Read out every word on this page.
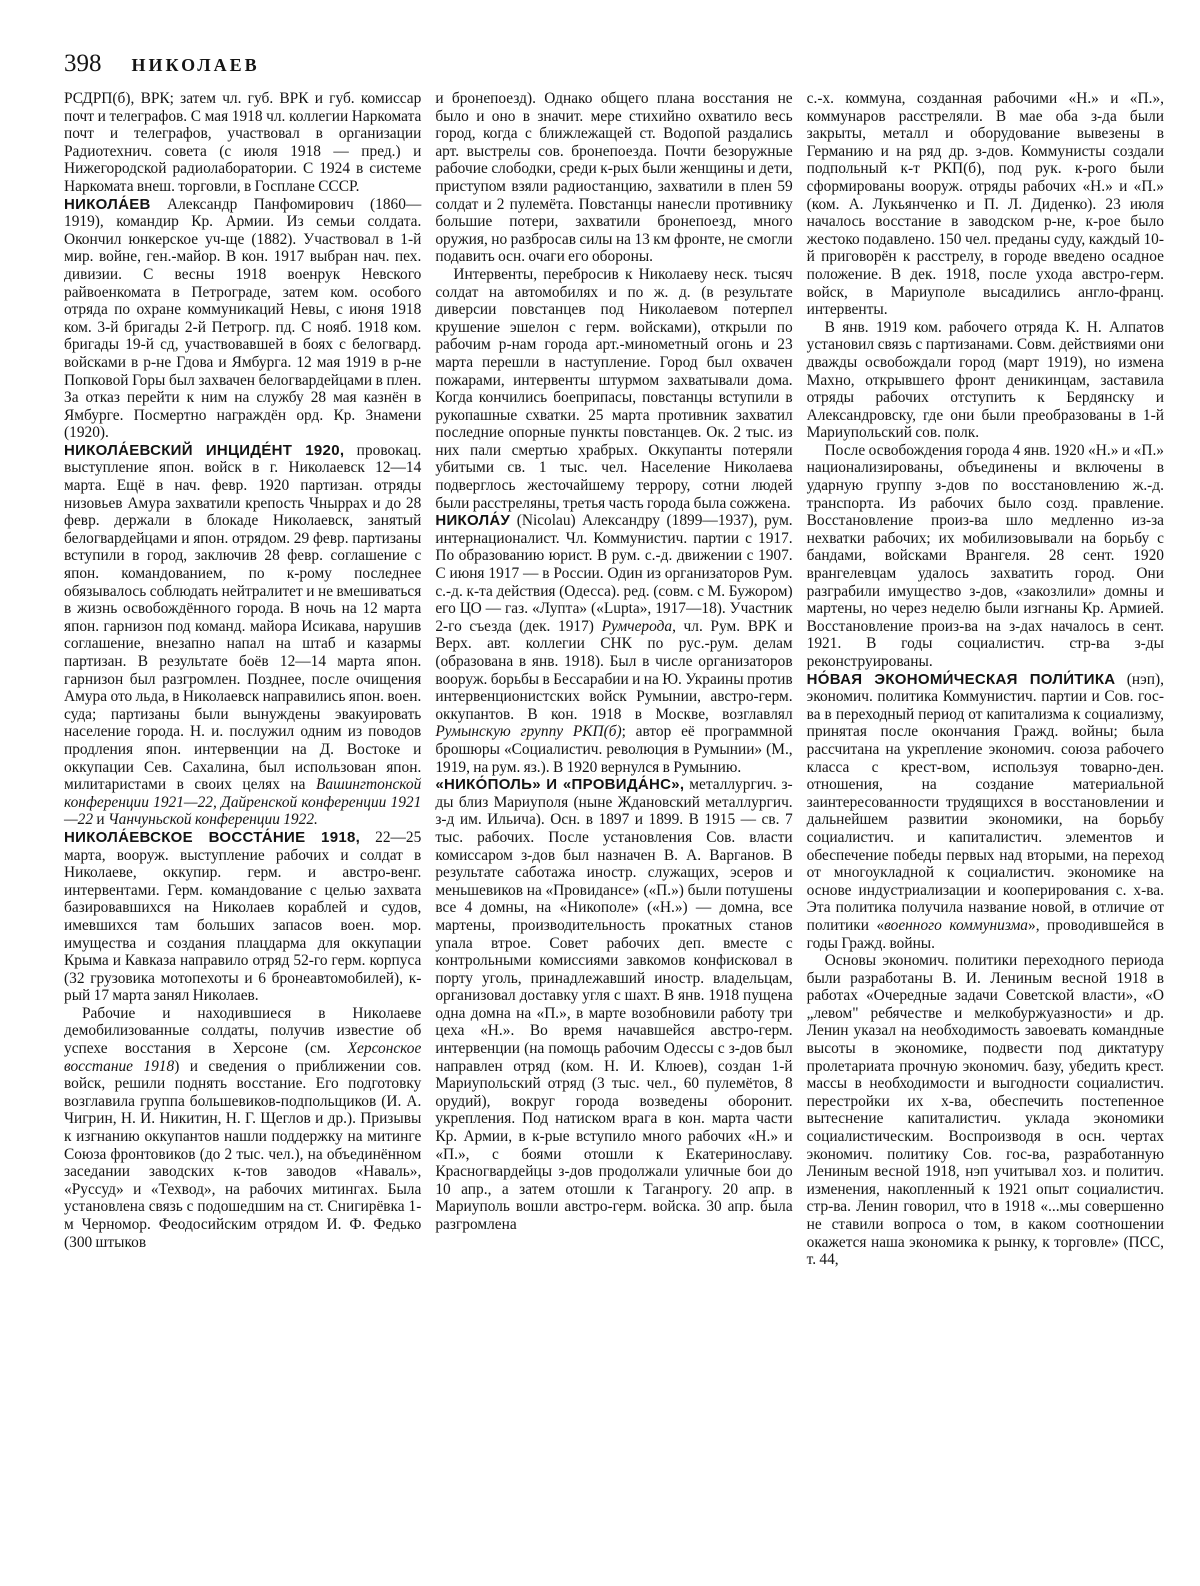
398 НИКОЛАЕВ

РСДРП(б), ВРК; затем чл. губ. ВРК и губ. комиссар почт и телеграфов. С мая 1918 чл. коллегии Наркомата почт и телеграфов, участвовал в организации Радиотехнич. совета (с июля 1918 — пред.) и Нижегородской радиолаборатории. С 1924 в системе Наркомата внеш. торговли, в Госплане СССР.

НИКОЛА́ЕВ Александр Панфомирович (1860—1919), командир Кр. Армии. Из семьи солдата. Окончил юнкерское уч-ще (1882). Участвовал в 1-й мир. войне, ген.-майор. В кон. 1917 выбран нач. пех. дивизии. С весны 1918 военрук Невского райвоенкомата в Петрограде, затем ком. особого отряда по охране коммуникаций Невы, с июня 1918 ком. 3-й бригады 2-й Петрогр. пд. С нояб. 1918 ком. бригады 19-й сд, участвовавшей в боях с белогвард. войсками в р-не Гдова и Ямбурга. 12 мая 1919 в р-не Попковой Горы был захвачен белогвардейцами в плен. За отказ перейти к ним на службу 28 мая казнён в Ямбурге. Посмертно награждён орд. Кр. Знамени (1920).

НИКОЛА́ЕВСКИЙ ИНЦИДЕ́НТ 1920, провокац. выступление япон. войск в г. Николаевск 12—14 марта. Ещё в нач. февр. 1920 партизан. отряды низовьев Амура захватили крепость Чныррах и до 28 февр. держали в блокаде Николаевск, занятый белогвардейцами и япон. отрядом. 29 февр. партизаны вступили в город, заключив 28 февр. соглашение с япон. командованием, по к-рому последнее обязывалось соблюдать нейтралитет и не вмешиваться в жизнь освобождённого города. В ночь на 12 марта япон. гарнизон под команд. майора Исикава, нарушив соглашение, внезапно напал на штаб и казармы партизан. В результате боёв 12—14 марта япон. гарнизон был разгромлен. Позднее, после очищения Амура ото льда, в Николаевск направились япон. воен. суда; партизаны были вынуждены эвакуировать население города. Н. и. послужил одним из поводов продления япон. интервенции на Д. Востоке и оккупации Сев. Сахалина, был использован япон. милитаристами в своих целях на Вашингтонской конференции 1921—22, Дайренской конференции 1921—22 и Чанчуньской конференции 1922.

НИКОЛА́ЕВСКОЕ ВОССТА́НИЕ 1918, 22—25 марта, вооруж. выступление рабочих и солдат в Николаеве, оккупир. герм. и австро-венг. интервентами. Герм. командование с целью захвата базировавшихся на Николаев кораблей и судов, имевшихся там больших запасов воен. мор. имущества и создания плацдарма для оккупации Крыма и Кавказа направило отряд 52-го герм. корпуса (32 грузовика мотопехоты и 6 бронеавтомобилей), к-рый 17 марта занял Николаев.

Рабочие и находившиеся в Николаеве демобилизованные солдаты, получив известие об успехе восстания в Херсоне (см. Херсонское восстание 1918) и сведения о приближении сов. войск, решили поднять восстание. Его подготовку возглавила группа большевиков-подпольщиков (И. А. Чигрин, Н. И. Никитин, Н. Г. Щеглов и др.). Призывы к изгнанию оккупантов нашли поддержку на митинге Союза фронтовиков (до 2 тыс. чел.), на объединённом заседании заводских к-тов заводов «Наваль», «Руссуд» и «Техвод», на рабочих митингах. Была установлена связь с подошедшим на ст. Снигирёвка 1-м Черномор. Феодосийским отрядом И. Ф. Федько (300 штыков

и бронепоезд). Однако общего плана восстания не было и оно в значит. мере стихийно охватило весь город, когда с ближлежащей ст. Водопой раздались арт. выстрелы сов. бронепоезда. Почти безоружные рабочие слободки, среди к-рых были женщины и дети, приступом взяли радиостанцию, захватили в плен 59 солдат и 2 пулемёта. Повстанцы нанесли противнику большие потери, захватили бронепоезд, много оружия, но разбросав силы на 13 км фронте, не смогли подавить осн. очаги его обороны.

Интервенты, перебросив к Николаеву неск. тысяч солдат на автомобилях и по ж. д. (в результате диверсии повстанцев под Николаевом потерпел крушение эшелон с герм. войсками), открыли по рабочим р-нам города арт.-минометный огонь и 23 марта перешли в наступление. Город был охвачен пожарами, интервенты штурмом захватывали дома. Когда кончились боеприпасы, повстанцы вступили в рукопашные схватки. 25 марта противник захватил последние опорные пункты повстанцев. Ок. 2 тыс. из них пали смертью храбрых. Оккупанты потеряли убитыми св. 1 тыс. чел. Население Николаева подверглось жесточайшему террору, сотни людей были расстреляны, третья часть города была сожжена.

НИКОЛА́У (Nicolau) Александру (1899—1937), рум. интернационалист. Чл. Коммунистич. партии с 1917. По образованию юрист. В рум. с.-д. движении с 1907. С июня 1917 — в России. Один из организаторов Рум. с.-д. к-та действия (Одесса). ред. (совм. с М. Бужором) его ЦО — газ. «Лупта» («Lupta», 1917—18). Участник 2-го съезда (дек. 1917) Румчерода, чл. Рум. ВРК и Верх. авт. коллегии СНК по рус.-рум. делам (образована в янв. 1918). Был в числе организаторов вооруж. борьбы в Бессарабии и на Ю. Украины против интервенционистских войск Румынии, австро-герм. оккупантов. В кон. 1918 в Москве, возглавлял Румынскую группу РКП(б); автор её программной брошюры «Социалистич. революция в Румынии» (М., 1919, на рум. яз.). В 1920 вернулся в Румынию.

«НИКО́ПОЛЬ» И «ПРОВИДА́НС», металлургич. з-ды близ Мариуполя (ныне Ждановский металлургич. з-д им. Ильича). Осн. в 1897 и 1899. В 1915 — св. 7 тыс. рабочих. После установления Сов. власти комиссаром з-дов был назначен В. А. Варганов. В результате саботажа иностр. служащих, эсеров и меньшевиков на «Провидансе» («П.») были потушены все 4 домны, на «Никополе» («Н.») — домна, все мартены, производительность прокатных станов упала втрое. Совет рабочих деп. вместе с контрольными комиссиями завкомов конфисковал в порту уголь, принадлежавший иностр. владельцам, организовал доставку угля с шахт. В янв. 1918 пущена одна домна на «П.», в марте возобновили работу три цеха «Н.». Во время начавшейся австро-герм. интервенции (на помощь рабочим Одессы с з-дов был направлен отряд (ком. Н. И. Клюев), создан 1-й Мариупольский отряд (3 тыс. чел., 60 пулемётов, 8 орудий), вокруг города возведены оборонит. укрепления. Под натиском врага в кон. марта части Кр. Армии, в к-рые вступило много рабочих «Н.» и «П.», с боями отошли к Екатеринославу. Красногвардейцы з-дов продолжали уличные бои до 10 апр., а затем отошли к Таганрогу. 20 апр. в Мариуполь вошли австро-герм. войска. 30 апр. была разгромлена

с.-х. коммуна, созданная рабочими «Н.» и «П.», коммунаров расстреляли. В мае оба з-да были закрыты, металл и оборудование вывезены в Германию и на ряд др. з-дов. Коммунисты создали подпольный к-т РКП(б), под рук. к-рого были сформированы вооруж. отряды рабочих «Н.» и «П.» (ком. А. Лукьянченко и П. Л. Диденко). 23 июля началось восстание в заводском р-не, к-рое было жестоко подавлено. 150 чел. преданы суду, каждый 10-й приговорён к расстрелу, в городе введено осадное положение. В дек. 1918, после ухода австро-герм. войск, в Мариуполе высадились англо-франц. интервенты.

В янв. 1919 ком. рабочего отряда К. Н. Алпатов установил связь с партизанами. Совм. действиями они дважды освобождали город (март 1919), но измена Махно, открывшего фронт деникинцам, заставила отряды рабочих отступить к Бердянску и Александровску, где они были преобразованы в 1-й Мариупольский сов. полк.

После освобождения города 4 янв. 1920 «Н.» и «П.» национализированы, объединены и включены в ударную группу з-дов по восстановлению ж.-д. транспорта. Из рабочих было созд. правление. Восстановление произ-ва шло медленно из-за нехватки рабочих; их мобилизовывали на борьбу с бандами, войсками Врангеля. 28 сент. 1920 врангелевцам удалось захватить город. Они разграбили имущество з-дов, «закозлили» домны и мартены, но через неделю были изгнаны Кр. Армией. Восстановление произ-ва на з-дах началось в сент. 1921. В годы социалистич. стр-ва з-ды реконструированы.

НО́ВАЯ ЭКОНОМИ́ЧЕСКАЯ ПОЛИ́ТИКА (нэп), экономич. политика Коммунистич. партии и Сов. гос-ва в переходный период от капитализма к социализму, принятая после окончания Гражд. войны; была рассчитана на укрепление экономич. союза рабочего класса с крест-вом, используя товарно-ден. отношения, на создание материальной заинтересованности трудящихся в восстановлении и дальнейшем развитии экономики, на борьбу социалистич. и капиталистич. элементов и обеспечение победы первых над вторыми, на переход от многоукладной к социалистич. экономике на основе индустриализации и кооперирования с. х-ва. Эта политика получила название новой, в отличие от политики «военного коммунизма», проводившейся в годы Гражд. войны.

Основы экономич. политики переходного периода были разработаны В. И. Лениным весной 1918 в работах «Очередные задачи Советской власти», «О „левом" ребячестве и мелкобуржуазности» и др. Ленин указал на необходимость завоевать командные высоты в экономике, подвести под диктатуру пролетариата прочную экономич. базу, убедить крест. массы в необходимости и выгодности социалистич. перестройки их х-ва, обеспечить постепенное вытеснение капиталистич. уклада экономики социалистическим. Воспроизводя в осн. чертах экономич. политику Сов. гос-ва, разработанную Лениным весной 1918, нэп учитывал хоз. и политич. изменения, накопленный к 1921 опыт социалистич. стр-ва. Ленин говорил, что в 1918 «...мы совершенно не ставили вопроса о том, в каком соотношении окажется наша экономика к рынку, к торговле» (ПСС, т. 44,
